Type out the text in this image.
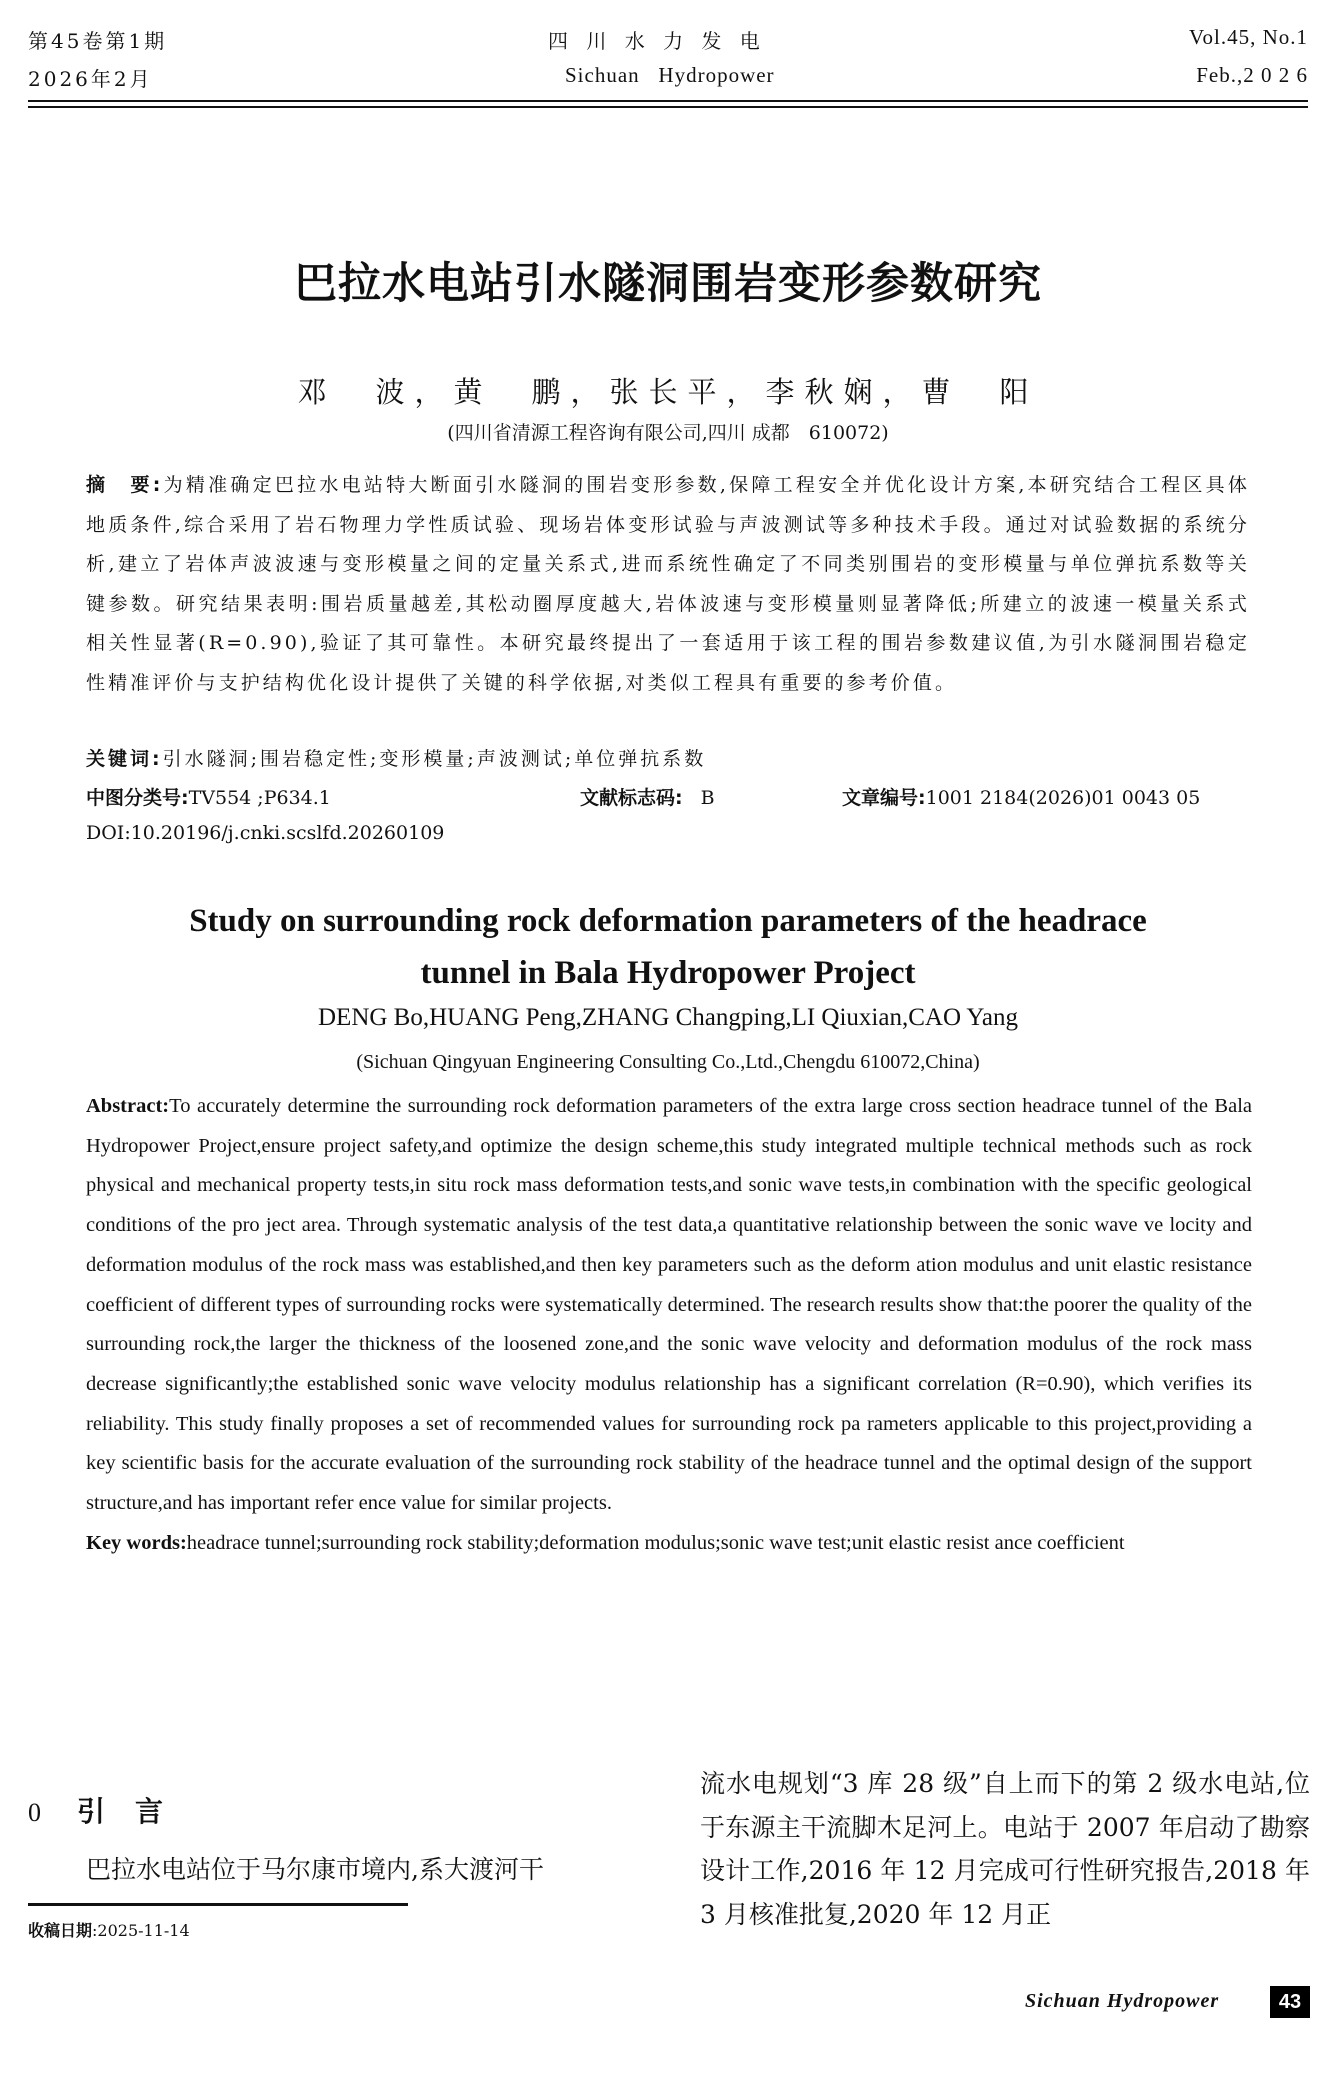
第45卷第1期
2026年2月
四 川 水 力 发 电
Sichuan   Hydropower
Vol.45, No.1
Feb.,2 0 2 6
巴拉水电站引水隧洞围岩变形参数研究
邓　波，黄　鹏，张长平，李秋娴，曹　阳
(四川省清源工程咨询有限公司,四川 成都　610072)
摘　要:为精准确定巴拉水电站特大断面引水隧洞的围岩变形参数,保障工程安全并优化设计方案,本研究结合工程区具体地质条件,综合采用了岩石物理力学性质试验、现场岩体变形试验与声波测试等多种技术手段。通过对试验数据的系统分析,建立了岩体声波波速与变形模量之间的定量关系式,进而系统性确定了不同类别围岩的变形模量与单位弹抗系数等关键参数。研究结果表明:围岩质量越差,其松动圈厚度越大,岩体波速与变形模量则显著降低;所建立的波速一模量关系式相关性显著(R=0.90),验证了其可靠性。本研究最终提出了一套适用于该工程的围岩参数建议值,为引水隧洞围岩稳定性精准评价与支护结构优化设计提供了关键的科学依据,对类似工程具有重要的参考价值。
关键词:引水隧洞;围岩稳定性;变形模量;声波测试;单位弹抗系数
中图分类号:TV554 ;P634.1	文献标志码: B	文章编号:1001 2184(2026)01 0043 05
DOI:10.20196/j.cnki.scslfd.20260109
Study on surrounding rock deformation parameters of the headrace
tunnel in Bala Hydropower Project
DENG Bo,HUANG Peng,ZHANG Changping,LI Qiuxian,CAO Yang
(Sichuan Qingyuan Engineering Consulting Co.,Ltd.,Chengdu 610072,China)
Abstract:To accurately determine the surrounding rock deformation parameters of the extra large cross section headrace tunnel of the Bala Hydropower Project,ensure project safety,and optimize the design scheme,this study integrated multiple technical methods such as rock physical and mechanical property tests,in situ rock mass deformation tests,and sonic wave tests,in combination with the specific geological conditions of the pro ject area. Through systematic analysis of the test data,a quantitative relationship between the sonic wave ve locity and deformation modulus of the rock mass was established,and then key parameters such as the deform ation modulus and unit elastic resistance coefficient of different types of surrounding rocks were systematically determined. The research results show that:the poorer the quality of the surrounding rock,the larger the thickness of the loosened zone,and the sonic wave velocity and deformation modulus of the rock mass decrease significantly;the established sonic wave velocity modulus relationship has a significant correlation (R=0.90), which verifies its reliability. This study finally proposes a set of recommended values for surrounding rock pa rameters applicable to this project,providing a key scientific basis for the accurate evaluation of the surrounding rock stability of the headrace tunnel and the optimal design of the support structure,and has important refer ence value for similar projects.
Key words:headrace tunnel;surrounding rock stability;deformation modulus;sonic wave test;unit elastic resist ance coefficient
0 引言
巴拉水电站位于马尔康市境内,系大渡河干
收稿日期:2025-11-14
流水电规划“3 库 28 级”自上而下的第 2 级水电站,位于东源主干流脚木足河上。电站于 2007 年启动了勘察设计工作,2016 年 12 月完成可行性研究报告,2018 年 3 月核准批复,2020 年 12 月正
Sichuan Hydropower	43
